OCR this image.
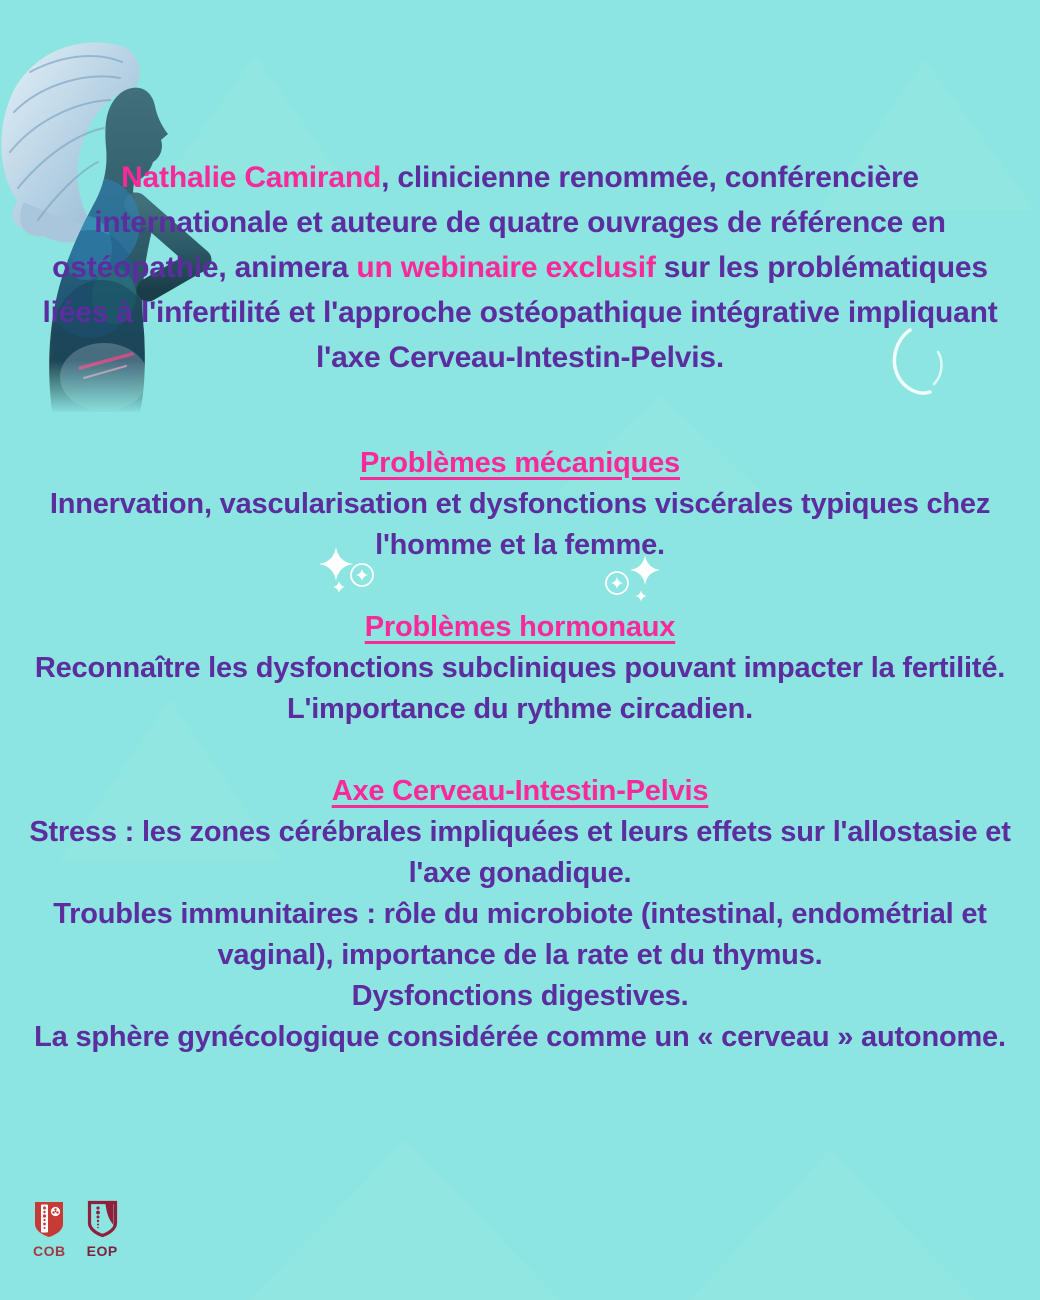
Nathalie Camirand, clinicienne renommée, conférencière internationale et auteure de quatre ouvrages de référence en ostéopathie, animera un webinaire exclusif sur les problématiques liées à l'infertilité et l'approche ostéopathique intégrative impliquant l'axe Cerveau-Intestin-Pelvis.
Problèmes mécaniques
Innervation, vascularisation et dysfonctions viscérales typiques chez l'homme et la femme.
Problèmes hormonaux
Reconnaître les dysfonctions subcliniques pouvant impacter la fertilité.
L'importance du rythme circadien.
Axe Cerveau-Intestin-Pelvis
Stress : les zones cérébrales impliquées et leurs effets sur l'allostasie et l'axe gonadique.
Troubles immunitaires : rôle du microbiote (intestinal, endométrial et vaginal), importance de la rate et du thymus.
Dysfonctions digestives.
La sphère gynécologique considérée comme un « cerveau » autonome.
COB EOP
